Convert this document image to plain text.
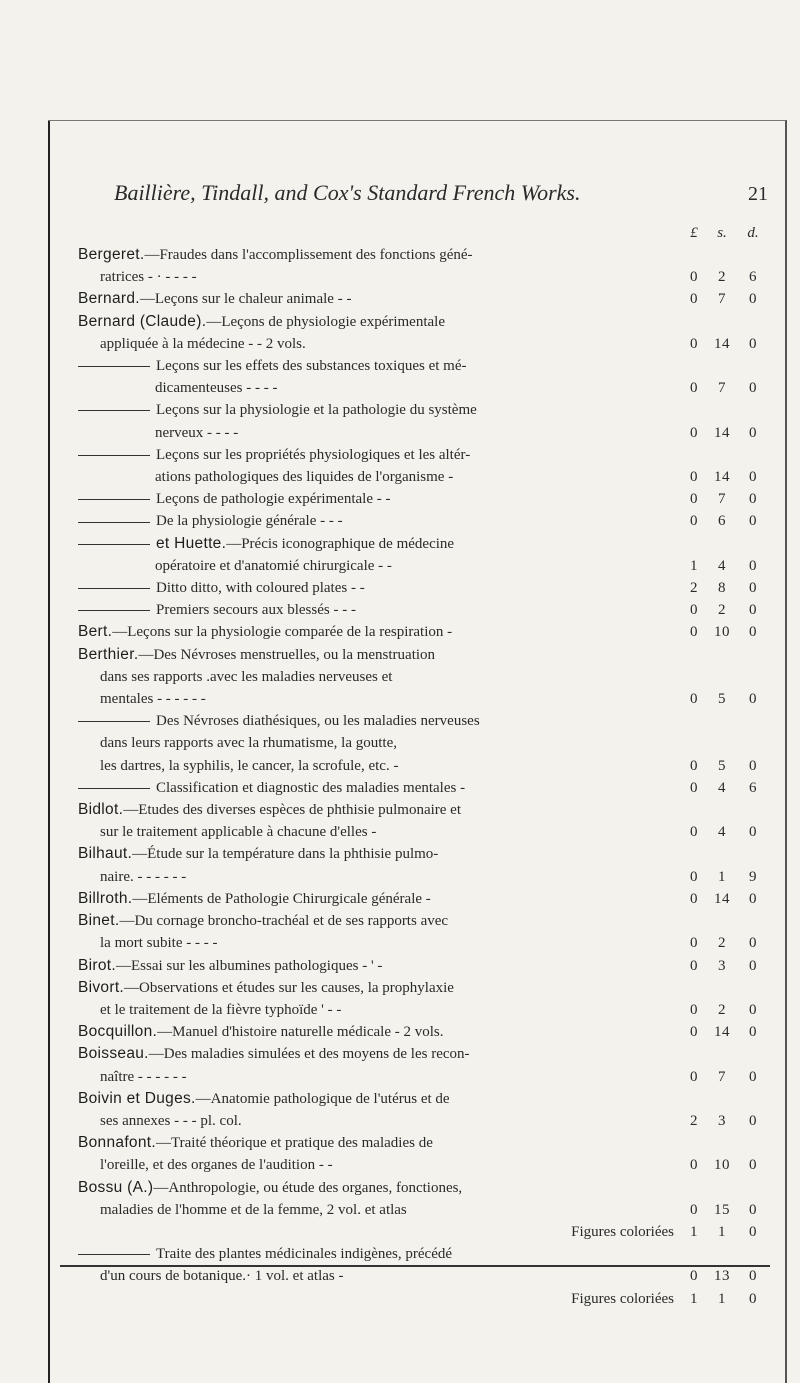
Baillière, Tindall, and Cox's Standard French Works.	21
£	s.	d.
Bergeret.—Fraudes dans l'accomplissement des fonctions géné-
ratrices - · - - - -	0	2	6
Bernard.—Leçons sur le chaleur animale - -	0	7	0
Bernard (Claude).—Leçons de physiologie expérimentale
appliquée à la médecine - - 2 vols.	0	14	0
Leçons sur les effets des substances toxiques et mé-
dicamenteuses - - - -	0	7	0
Leçons sur la physiologie et la pathologie du système
nerveux - - - -	0	14	0
Leçons sur les propriétés physiologiques et les altér-
ations pathologiques des liquides de l'organisme -	0	14	0
Leçons de pathologie expérimentale - -	0	7	0
De la physiologie générale - - -	0	6	0
et Huette.—Précis iconographique de médecine
opératoire et d'anatomié chirurgicale - -	1	4	0
Ditto ditto, with coloured plates - -	2	8	0
Premiers secours aux blessés - - -	0	2	0
Bert.—Leçons sur la physiologie comparée de la respiration -	0	10	0
Berthier.—Des Névroses menstruelles, ou la menstruation
dans ses rapports .avec les maladies nerveuses et
mentales - - - - - -	0	5	0
Des Névroses diathésiques, ou les maladies nerveuses
dans leurs rapports avec la rhumatisme, la goutte,
les dartres, la syphilis, le cancer, la scrofule, etc. -	0	5	0
Classification et diagnostic des maladies mentales -	0	4	6
Bidlot.—Etudes des diverses espèces de phthisie pulmonaire et
sur le traitement applicable à chacune d'elles -	0	4	0
Bilhaut.—Étude sur la température dans la phthisie pulmo-
naire. - - - - - -	0	1	9
Billroth.—Eléments de Pathologie Chirurgicale générale -	0	14	0
Binet.—Du cornage broncho-trachéal et de ses rapports avec
la mort subite - - - -	0	2	0
Birot.—Essai sur les albumines pathologiques - ' -	0	3	0
Bivort.—Observations et études sur les causes, la prophylaxie
et le traitement de la fièvre typhoïde ' - -	0	2	0
Bocquillon.—Manuel d'histoire naturelle médicale - 2 vols.	0	14	0
Boisseau.—Des maladies simulées et des moyens de les recon-
naître - - - - - -	0	7	0
Boivin et Duges.—Anatomie pathologique de l'utérus et de
ses annexes - - - pl. col.	2	3	0
Bonnafont.—Traité théorique et pratique des maladies de
l'oreille, et des organes de l'audition - -	0	10	0
Bossu (A.)—Anthropologie, ou étude des organes, fonctiones,
maladies de l'homme et de la femme, 2 vol. et atlas	0	15	0
Figures coloriées	1	1	0
Traite des plantes médicinales indigènes, précédé
d'un cours de botanique.· 1 vol. et atlas -	0	13	0
Figures coloriées	1	1	0
